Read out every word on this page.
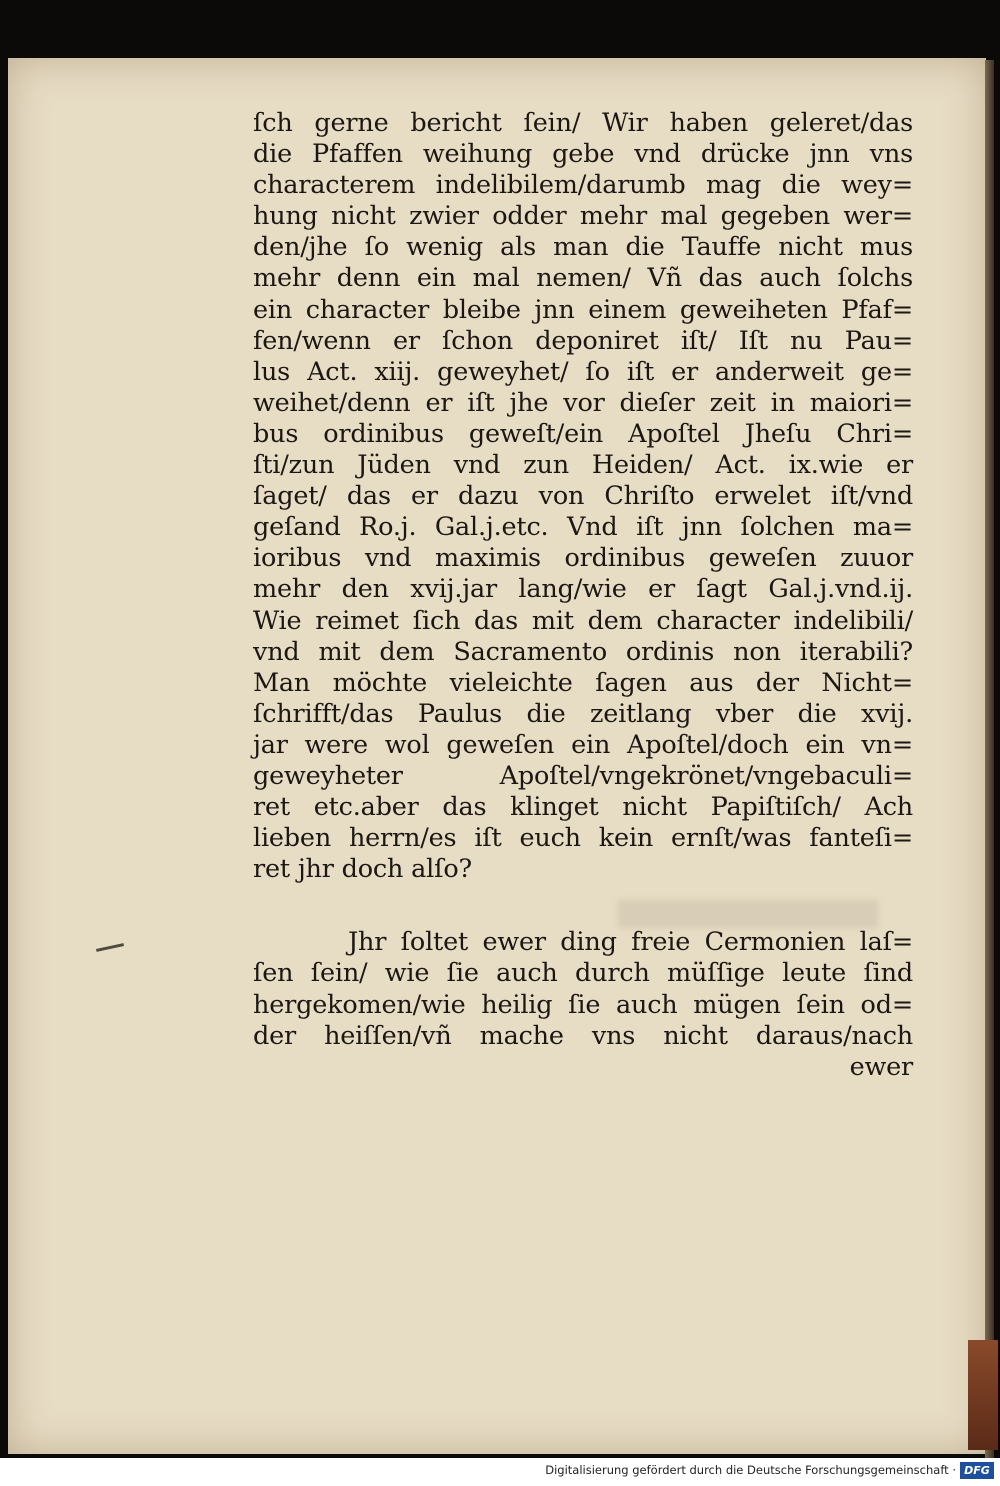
ſch gerne bericht ſein/ Wir haben geleret/das
die Pfaffen weihung gebe vnd drücke jnn vns
characterem indelibilem/darumb mag die wey=
hung nicht zwier odder mehr mal gegeben wer=
den/jhe ſo wenig als man die Tauffe nicht mus
mehr denn ein mal nemen/ Vñ das auch ſolchs
ein character bleibe jnn einem geweiheten Pfaf=
fen/wenn er ſchon deponiret iſt/ Iſt nu Pau=
lus Act. xiij. geweyhet/ ſo iſt er anderweit ge=
weihet/denn er iſt jhe vor dieſer zeit in maiori=
bus ordinibus geweſt/ein Apoſtel Jheſu Chri=
ſti/zun Jüden vnd zun Heiden/ Act. ix.wie er
ſaget/ das er dazu von Chriſto erwelet iſt/vnd
geſand Ro.j. Gal.j.etc. Vnd iſt jnn ſolchen ma=
ioribus vnd maximis ordinibus geweſen zuuor
mehr den xvij.jar lang/wie er ſagt Gal.j.vnd.ij.
Wie reimet ſich das mit dem character indelibili/
vnd mit dem Sacramento ordinis non iterabili?
Man möchte vieleichte ſagen aus der Nicht=
ſchrifft/das Paulus die zeitlang vber die xvij.
jar were wol geweſen ein Apoſtel/doch ein vn=
geweyheter Apoſtel/vngekrönet/vngebaculi=
ret etc.aber das klinget nicht Papiſtiſch/ Ach
lieben herrn/es iſt euch kein ernſt/was fanteſi=
ret jhr doch alſo?
Jhr ſoltet ewer ding freie Cermonien laſ=
ſen ſein/ wie ſie auch durch müſſige leute ſind
hergekomen/wie heilig ſie auch mügen ſein od=
der heiſſen/vñ mache vns nicht daraus/nach
ewer
Digitalisierung gefördert durch die Deutsche Forschungsgemeinschaft · DFG
